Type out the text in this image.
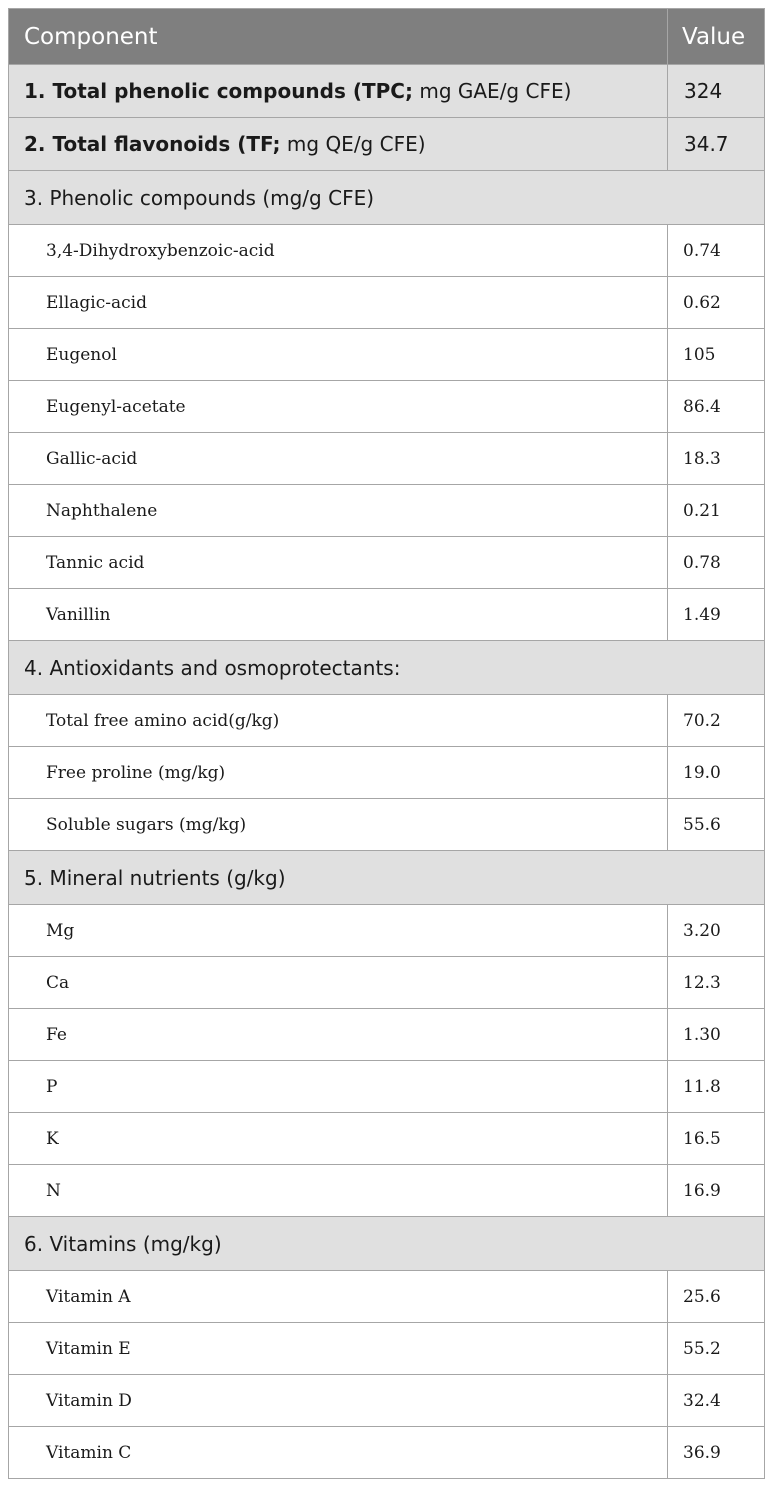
Component	Value
1. Total phenolic compounds (TPC; mg GAE/g CFE)	324
2. Total flavonoids (TF; mg QE/g CFE)	34.7
3. Phenolic compounds (mg/g CFE)	
3,4-Dihydroxybenzoic-acid	0.74
Ellagic-acid	0.62
Eugenol	105
Eugenyl-acetate	86.4
Gallic-acid	18.3
Naphthalene	0.21
Tannic acid	0.78
Vanillin	1.49
4. Antioxidants and osmoprotectants:	
Total free amino acid(g/kg)	70.2
Free proline (mg/kg)	19.0
Soluble sugars (mg/kg)	55.6
5. Mineral nutrients (g/kg)	
Mg	3.20
Ca	12.3
Fe	1.30
P	11.8
K	16.5
N	16.9
6. Vitamins (mg/kg)	
Vitamin A	25.6
Vitamin E	55.2
Vitamin D	32.4
Vitamin C	36.9
